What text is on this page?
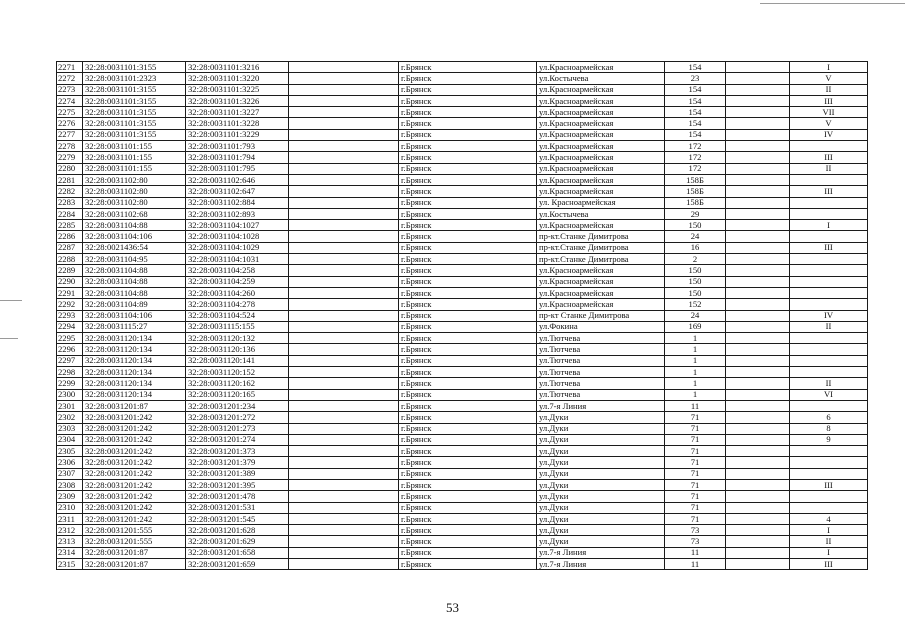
2271	32:28:0031101:3155	32:28:0031101:3216		г.Брянск	ул.Красноармейская	154		I
2272	32:28:0031101:2323	32:28:0031101:3220		г.Брянск	ул.Костычева	23		V
2273	32:28:0031101:3155	32:28:0031101:3225		г.Брянск	ул.Красноармейская	154		II
2274	32:28:0031101:3155	32:28:0031101:3226		г.Брянск	ул.Красноармейская	154		III
2275	32:28:0031101:3155	32:28:0031101:3227		г.Брянск	ул.Красноармейская	154		VII
2276	32:28:0031101:3155	32:28:0031101:3228		г.Брянск	ул.Красноармейская	154		V
2277	32:28:0031101:3155	32:28:0031101:3229		г.Брянск	ул.Красноармейская	154		IV
2278	32:28:0031101:155	32:28:0031101:793		г.Брянск	ул.Красноармейская	172		
2279	32:28:0031101:155	32:28:0031101:794		г.Брянск	ул.Красноармейская	172		III
2280	32:28:0031101:155	32:28:0031101:795		г.Брянск	ул.Красноармейская	172		II
2281	32:28:0031102:80	32:28:0031102:646		г.Брянск	ул.Красноармейская	158Б		
2282	32:28:0031102:80	32:28:0031102:647		г.Брянск	ул.Красноармейская	158Б		III
2283	32:28:0031102:80	32:28:0031102:884		г.Брянск	ул. Красноармейская	158Б		
2284	32:28:0031102:68	32:28:0031102:893		г.Брянск	ул.Костычева	29		
2285	32:28:0031104:88	32:28:0031104:1027		г.Брянск	ул.Красноармейская	150		I
2286	32:28:0031104:106	32:28:0031104:1028		г.Брянск	пр-кт.Станке Димитрова	24		
2287	32:28:0021436:54	32:28:0031104:1029		г.Брянск	пр-кт.Станке Димитрова	16		III
2288	32:28:0031104:95	32:28:0031104:1031		г.Брянск	пр-кт.Станке Димитрова	2		
2289	32:28:0031104:88	32:28:0031104:258		г.Брянск	ул.Красноармейская	150		
2290	32:28:0031104:88	32:28:0031104:259		г.Брянск	ул.Красноармейская	150		
2291	32:28:0031104:88	32:28:0031104:260		г.Брянск	ул.Красноармейская	150		
2292	32:28:0031104:89	32:28:0031104:278		г.Брянск	ул.Красноармейская	152		
2293	32:28:0031104:106	32:28:0031104:524		г.Брянск	пр-кт Станке Димитрова	24		IV
2294	32:28:0031115:27	32:28:0031115:155		г.Брянск	ул.Фокина	169		II
2295	32:28:0031120:134	32:28:0031120:132		г.Брянск	ул.Тютчева	1		
2296	32:28:0031120:134	32:28:0031120:136		г.Брянск	ул.Тютчева	1		
2297	32:28:0031120:134	32:28:0031120:141		г.Брянск	ул.Тютчева	1		
2298	32:28:0031120:134	32:28:0031120:152		г.Брянск	ул.Тютчева	1		
2299	32:28:0031120:134	32:28:0031120:162		г.Брянск	ул.Тютчева	1		II
2300	32:28:0031120:134	32:28:0031120:165		г.Брянск	ул.Тютчева	1		VI
2301	32:28:0031201:87	32:28:0031201:234		г.Брянск	ул.7-я Линия	11		
2302	32:28:0031201:242	32:28:0031201:272		г.Брянск	ул.Дуки	71		6
2303	32:28:0031201:242	32:28:0031201:273		г.Брянск	ул.Дуки	71		8
2304	32:28:0031201:242	32:28:0031201:274		г.Брянск	ул.Дуки	71		9
2305	32:28:0031201:242	32:28:0031201:373		г.Брянск	ул.Дуки	71		
2306	32:28:0031201:242	32:28:0031201:379		г.Брянск	ул.Дуки	71		
2307	32:28:0031201:242	32:28:0031201:389		г.Брянск	ул.Дуки	71		
2308	32:28:0031201:242	32:28:0031201:395		г.Брянск	ул.Дуки	71		III
2309	32:28:0031201:242	32:28:0031201:478		г.Брянск	ул.Дуки	71		
2310	32:28:0031201:242	32:28:0031201:531		г.Брянск	ул.Дуки	71		
2311	32:28:0031201:242	32:28:0031201:545		г.Брянск	ул.Дуки	71		4
2312	32:28:0031201:555	32:28:0031201:628		г.Брянск	ул.Дуки	73		I
2313	32:28:0031201:555	32:28:0031201:629		г.Брянск	ул.Дуки	73		II
2314	32:28:0031201:87	32:28:0031201:658		г.Брянск	ул.7-я Линия	11		I
2315	32:28:0031201:87	32:28:0031201:659		г.Брянск	ул.7-я Линия	11		III
53
